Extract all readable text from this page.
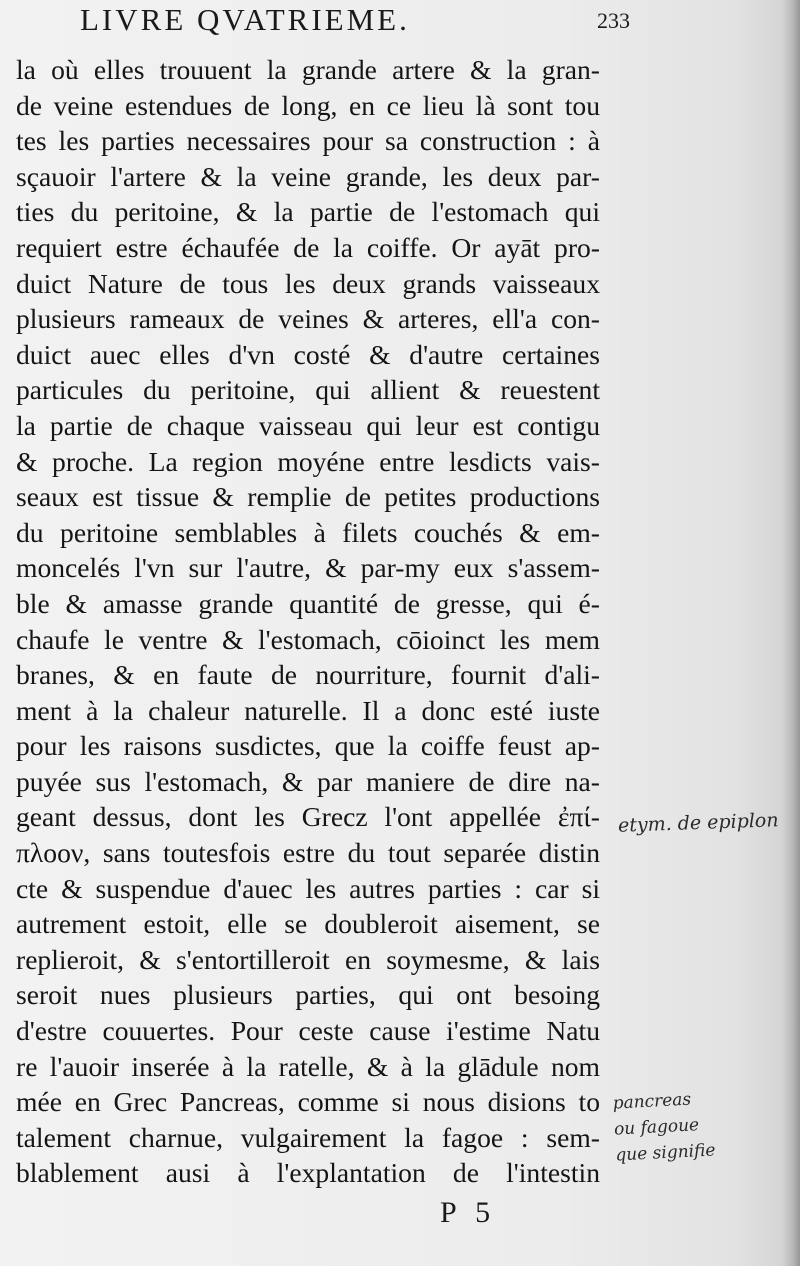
LIVRE QVATRIEME.	233
la où elles trouuent la grande artere & la gran-
de veine estendues de long, en ce lieu là sont tou
tes les parties necessaires pour sa construction : à
sçauoir l'artere & la veine grande, les deux par-
ties du peritoine, & la partie de l'estomach qui
requiert estre échaufée de la coiffe. Or ayāt pro-
duict Nature de tous les deux grands vaisseaux
plusieurs rameaux de veines & arteres, ell'a con-
duict auec elles d'vn costé & d'autre certaines
particules du peritoine, qui allient & reuestent
la partie de chaque vaisseau qui leur est contigu
& proche. La region moyéne entre lesdicts vais-
seaux est tissue & remplie de petites productions
du peritoine semblables à filets couchés & em-
moncelés l'vn sur l'autre, & par-my eux s'assem-
ble & amasse grande quantité de gresse, qui é-
chaufe le ventre & l'estomach, cōioinct les mem
branes, & en faute de nourriture, fournit d'ali-
ment à la chaleur naturelle. Il a donc esté iuste
pour les raisons susdictes, que la coiffe feust ap-
puyée sus l'estomach, & par maniere de dire na-
geant dessus, dont les Grecz l'ont appellée ἐπί-
πλοον, sans toutesfois estre du tout separée distin
cte & suspendue d'auec les autres parties : car si
autrement estoit, elle se doubleroit aisement, se
replieroit, & s'entortilleroit en soymesme, & lais
seroit nues plusieurs parties, qui ont besoing
d'estre couuertes. Pour ceste cause i'estime Natu
re l'auoir inserée à la ratelle, & à la glādule nom
mée en Grec Pancreas, comme si nous disions to
talement charnue, vulgairement la fagoe : sem-
blablement ausi à l'explantation de l'intestin
P 5
etym. de epiplon
pancreas
ou fagoue
que signifie
